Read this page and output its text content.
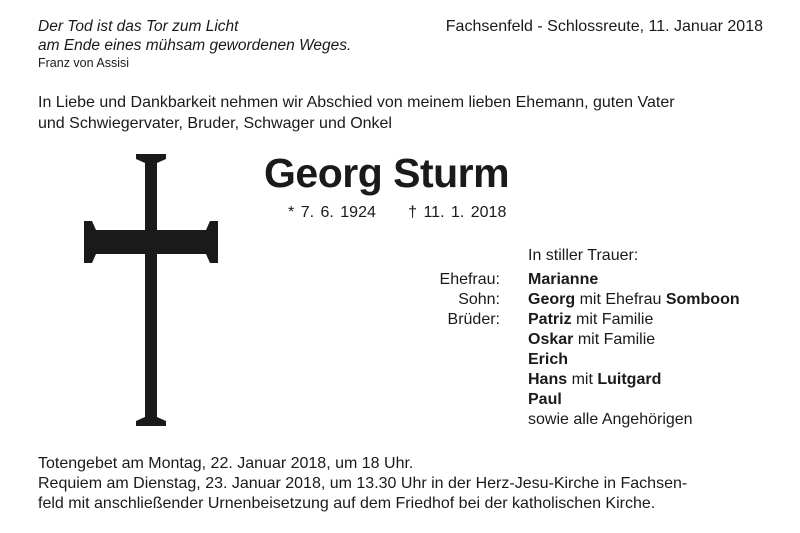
Der Tod ist das Tor zum Licht
am Ende eines mühsam gewordenen Weges.
Franz von Assisi
Fachsenfeld - Schlossreute, 11. Januar 2018
In Liebe und Dankbarkeit nehmen wir Abschied von meinem lieben Ehemann, guten Vater
und Schwiegervater, Bruder, Schwager und Onkel
Georg Sturm
* 7. 6. 1924 † 11. 1. 2018
In stiller Trauer:
Ehefrau:
Sohn:
Brüder:
Marianne
Georg mit Ehefrau Somboon
Patriz mit Familie
Oskar mit Familie
Erich
Hans mit Luitgard
Paul
sowie alle Angehörigen
Totengebet am Montag, 22. Januar 2018, um 18 Uhr.
Requiem am Dienstag, 23. Januar 2018, um 13.30 Uhr in der Herz-Jesu-Kirche in Fachsen-
feld mit anschließender Urnenbeisetzung auf dem Friedhof bei der katholischen Kirche.
